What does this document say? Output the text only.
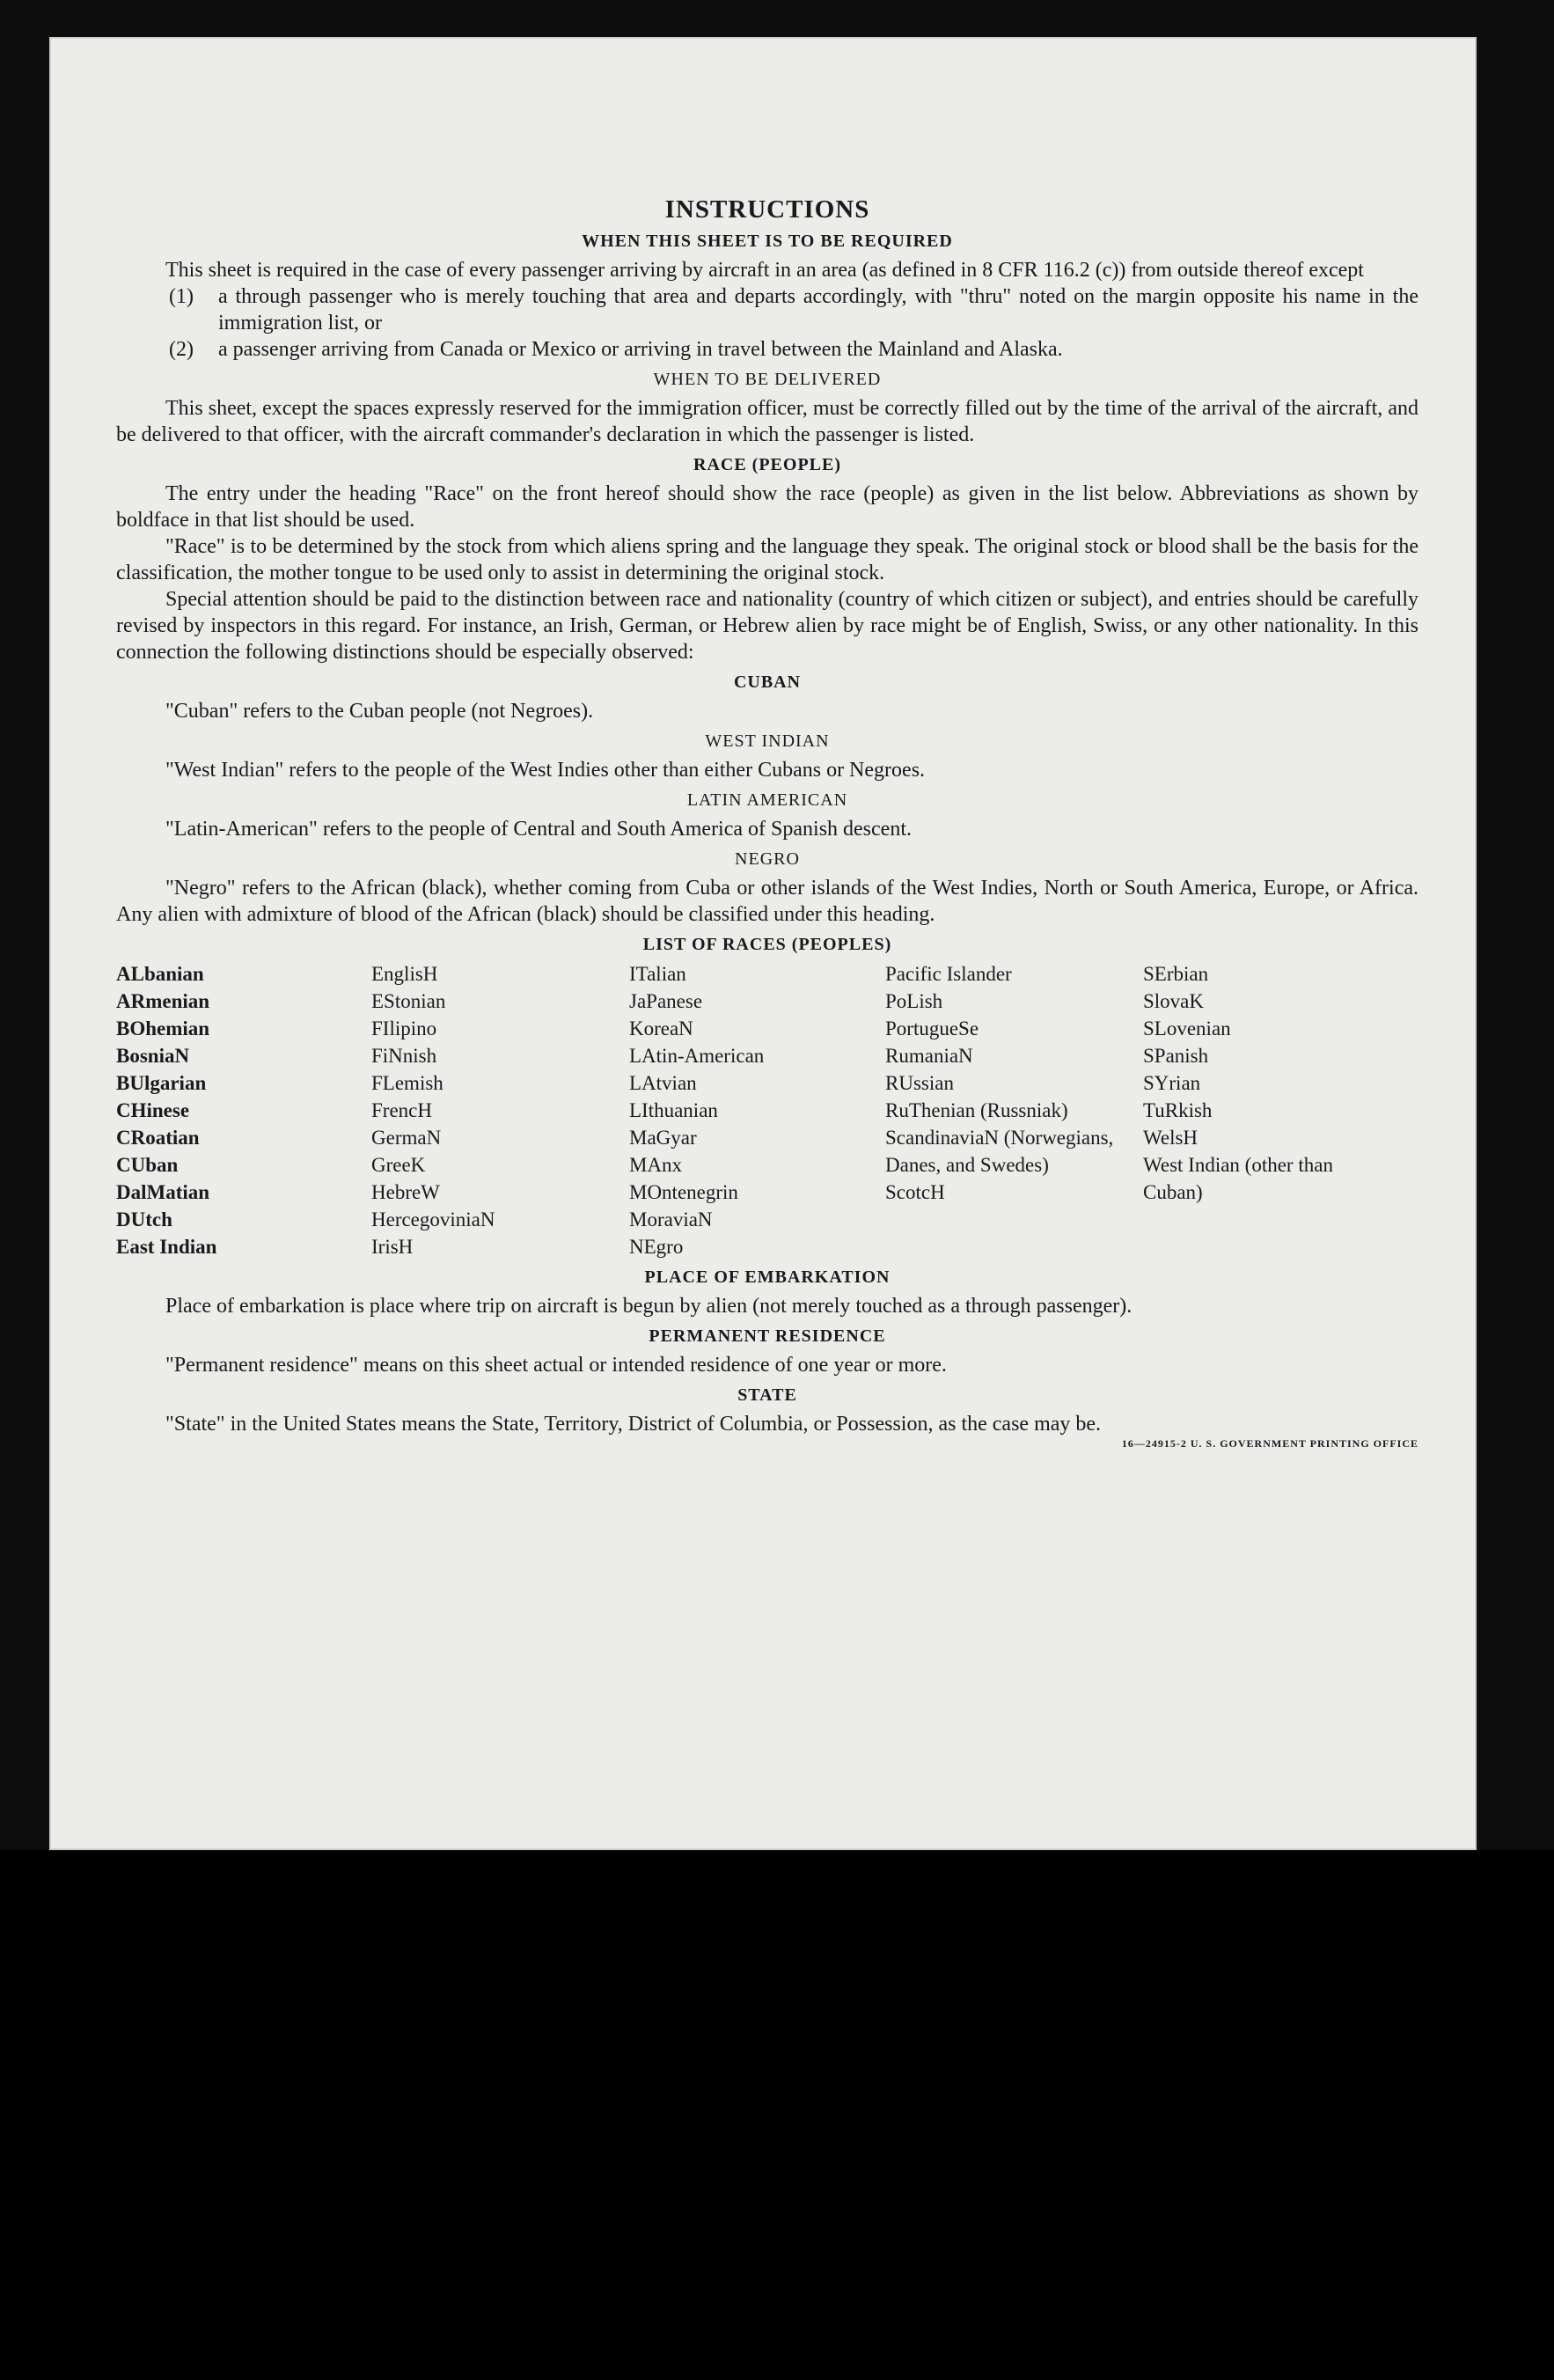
INSTRUCTIONS
WHEN THIS SHEET IS TO BE REQUIRED

This sheet is required in the case of every passenger arriving by aircraft in an area (as defined in 8 CFR 116.2 (c)) from outside thereof except

(1)	a through passenger who is merely touching that area and departs accordingly, with "thru" noted on the margin opposite his name in the immigration list, or
(2)	a passenger arriving from Canada or Mexico or arriving in travel between the Mainland and Alaska.
WHEN TO BE DELIVERED

This sheet, except the spaces expressly reserved for the immigration officer, must be correctly filled out by the time of the arrival of the aircraft, and be delivered to that officer, with the aircraft commander's declaration in which the passenger is listed.

RACE (PEOPLE)

The entry under the heading "Race" on the front hereof should show the race (people) as given in the list below. Abbreviations as shown by boldface in that list should be used.

"Race" is to be determined by the stock from which aliens spring and the language they speak. The original stock or blood shall be the basis for the classification, the mother tongue to be used only to assist in determining the original stock.

Special attention should be paid to the distinction between race and nationality (country of which citizen or subject), and entries should be carefully revised by inspectors in this regard. For instance, an Irish, German, or Hebrew alien by race might be of English, Swiss, or any other nationality. In this connection the following distinctions should be especially observed:

CUBAN

"Cuban" refers to the Cuban people (not Negroes).

WEST INDIAN

"West Indian" refers to the people of the West Indies other than either Cubans or Negroes.

LATIN AMERICAN

"Latin-American" refers to the people of Central and South America of Spanish descent.

NEGRO

"Negro" refers to the African (black), whether coming from Cuba or other islands of the West Indies, North or South America, Europe, or Africa. Any alien with admixture of blood of the African (black) should be classified under this heading.

LIST OF RACES (PEOPLES)
ALbanian
ARmenian
BOhemian
BosniaN
BUlgarian
CHinese
CRoatian
CUban
DalMatian
DUtch
East Indian
EnglisH
EStonian
FIlipino
FiNnish
FLemish
FrencH
GermaN
GreeK
HebreW
HercegoviniaN
IrisH
ITalian
JaPanese
KoreaN
LAtin-American
LAtvian
LIthuanian
MaGyar
MAnx
MOntenegrin
MoraviaN
NEgro
Pacific Islander
PoLish
PortugueSe
RumaniaN
RUssian
RuThenian (Russniak)
ScandinaviaN (Norwegians, Danes, and Swedes)
ScotcH
SErbian
SlovaK
SLovenian
SPanish
SYrian
TuRkish
WelsH
West Indian (other than Cuban)
PLACE OF EMBARKATION

Place of embarkation is place where trip on aircraft is begun by alien (not merely touched as a through passenger).

PERMANENT RESIDENCE

"Permanent residence" means on this sheet actual or intended residence of one year or more.

STATE

"State" in the United States means the State, Territory, District of Columbia, or Possession, as the case may be.

16—24915-2 U. S. GOVERNMENT PRINTING OFFICE
